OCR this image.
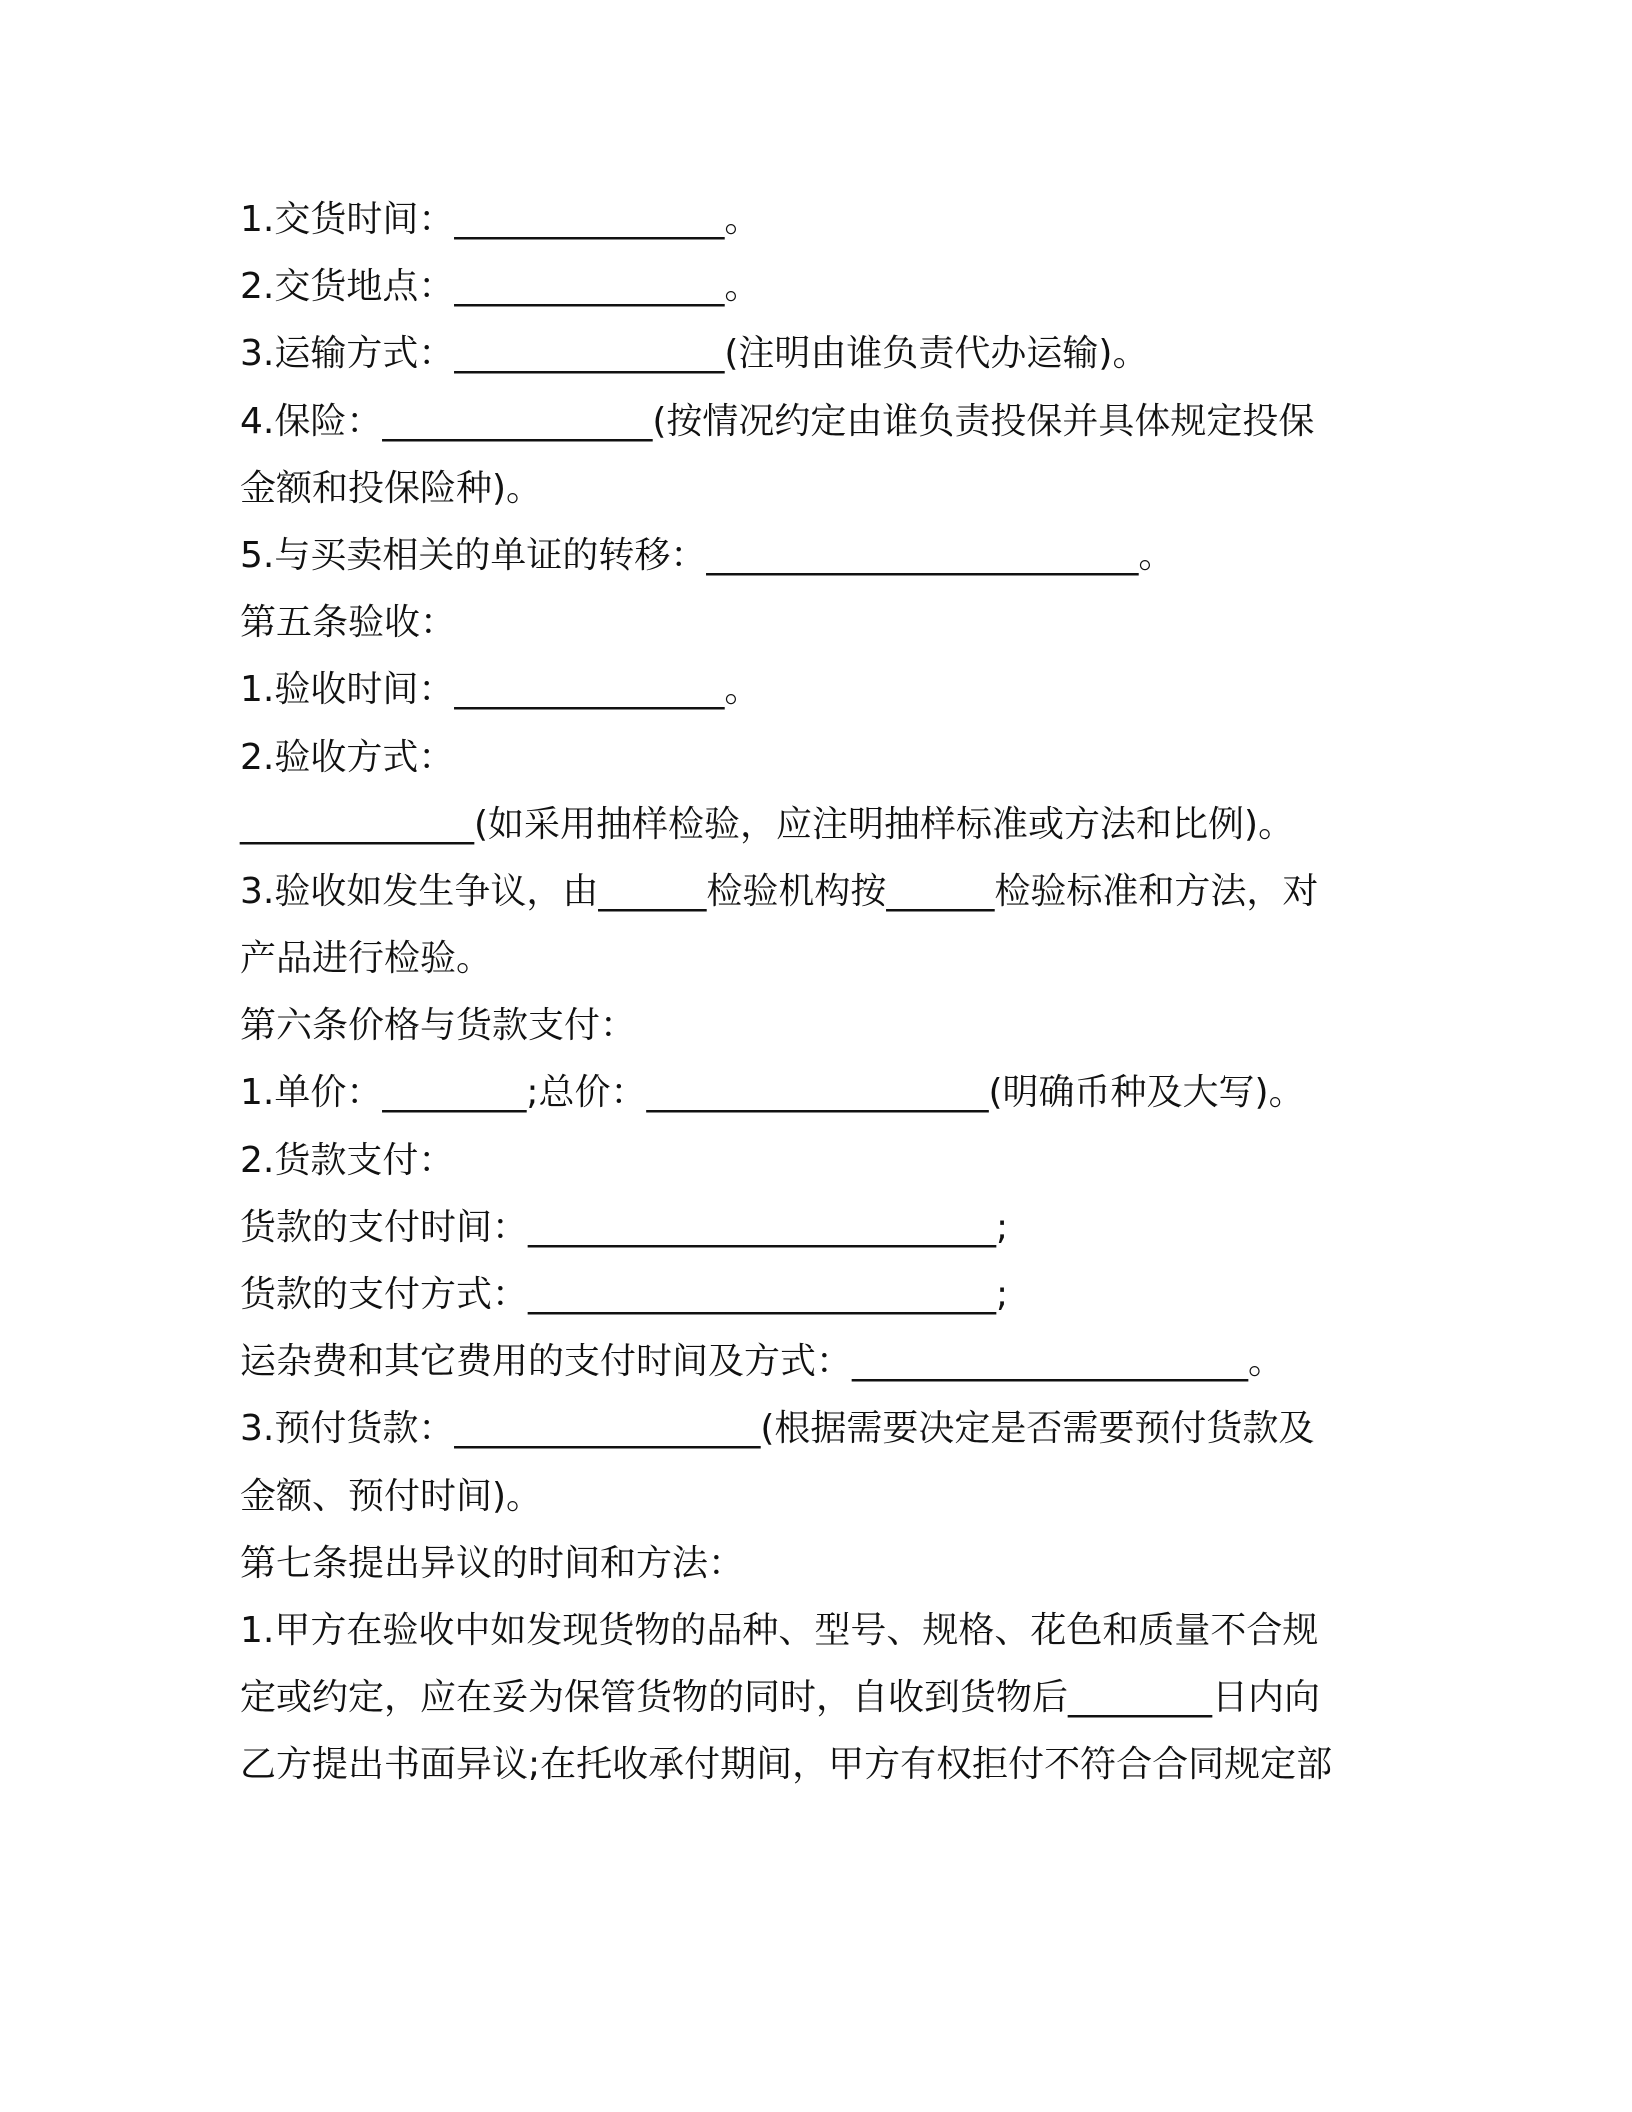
1.交货时间：_______________。
2.交货地点：_______________。
3.运输方式：_______________(注明由谁负责代办运输)。
4.保险：_______________(按情况约定由谁负责投保并具体规定投保
金额和投保险种)。
5.与买卖相关的单证的转移：________________________。
第五条验收：
1.验收时间：_______________。
2.验收方式：
_____________(如采用抽样检验，应注明抽样标准或方法和比例)。
3.验收如发生争议，由______检验机构按______检验标准和方法，对
产品进行检验。
第六条价格与货款支付：
1.单价：________;总价：___________________(明确币种及大写)。
2.货款支付：
货款的支付时间：__________________________;
货款的支付方式：__________________________;
运杂费和其它费用的支付时间及方式：______________________。
3.预付货款：_________________(根据需要决定是否需要预付货款及
金额、预付时间)。
第七条提出异议的时间和方法：
1.甲方在验收中如发现货物的品种、型号、规格、花色和质量不合规
定或约定，应在妥为保管货物的同时，自收到货物后________日内向
乙方提出书面异议;在托收承付期间，甲方有权拒付不符合合同规定部
